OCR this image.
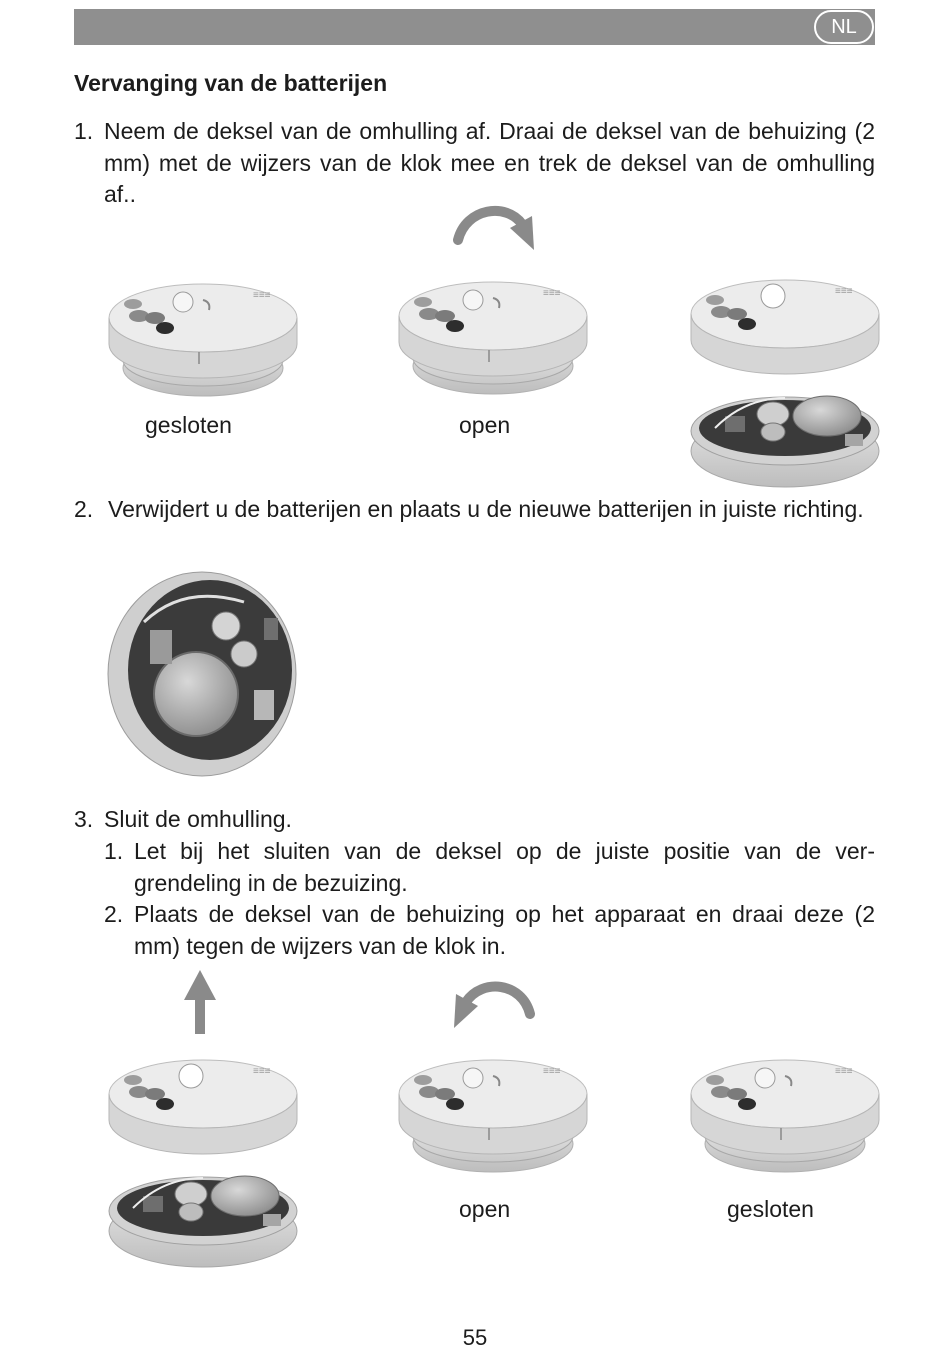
NL
Vervanging van de batterijen
1. Neem de deksel van de omhulling af. Draai de deksel van de behuizing (2 mm) met de wijzers van de klok mee en trek de deksel van de omhulling af..
gesloten	open
2. Verwijdert u de batterijen en plaats u de nieuwe batterijen in juiste richting.
3. Sluit de omhulling.
1. Let bij het sluiten van de deksel op de juiste positie van de ver-grendeling in de bezuizing.
2. Plaats de deksel van de behuizing op het apparaat en draai deze (2 mm) tegen de wijzers van de klok in.
open	gesloten
55
